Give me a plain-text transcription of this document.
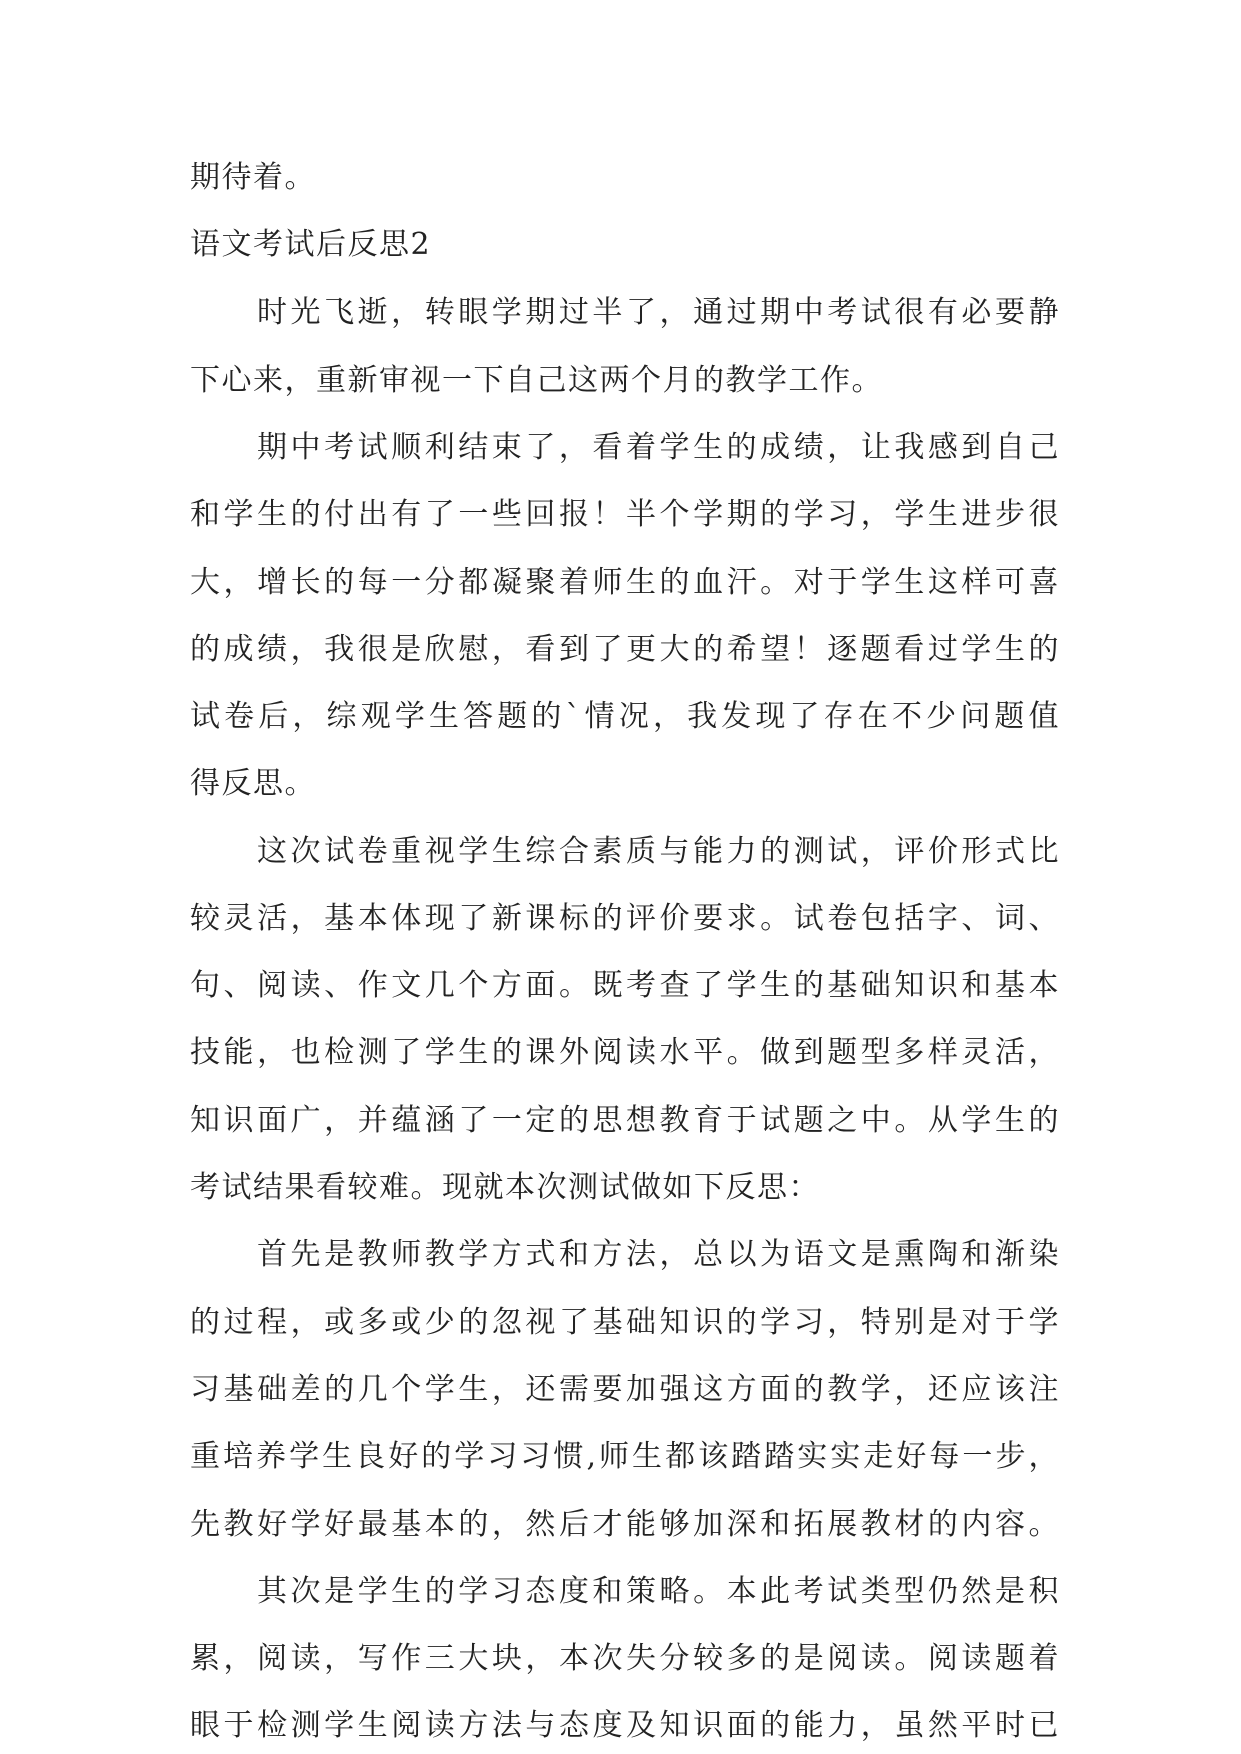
期待着。
语文考试后反思2
时光飞逝，转眼学期过半了，通过期中考试很有必要静
下心来，重新审视一下自己这两个月的教学工作。
期中考试顺利结束了，看着学生的成绩，让我感到自己
和学生的付出有了一些回报！半个学期的学习，学生进步很
大，增长的每一分都凝聚着师生的血汗。对于学生这样可喜
的成绩，我很是欣慰，看到了更大的希望！逐题看过学生的
试卷后，综观学生答题的`情况，我发现了存在不少问题值
得反思。
这次试卷重视学生综合素质与能力的测试，评价形式比
较灵活，基本体现了新课标的评价要求。试卷包括字、词、
句、阅读、作文几个方面。既考查了学生的基础知识和基本
技能，也检测了学生的课外阅读水平。做到题型多样灵活，
知识面广，并蕴涵了一定的思想教育于试题之中。从学生的
考试结果看较难。现就本次测试做如下反思：
首先是教师教学方式和方法，总以为语文是熏陶和渐染
的过程，或多或少的忽视了基础知识的学习，特别是对于学
习基础差的几个学生，还需要加强这方面的教学，还应该注
重培养学生良好的学习习惯,师生都该踏踏实实走好每一步，
先教好学好最基本的，然后才能够加深和拓展教材的内容。
其次是学生的学习态度和策略。本此考试类型仍然是积
累，阅读，写作三大块，本次失分较多的是阅读。阅读题着
眼于检测学生阅读方法与态度及知识面的能力，虽然平时已
